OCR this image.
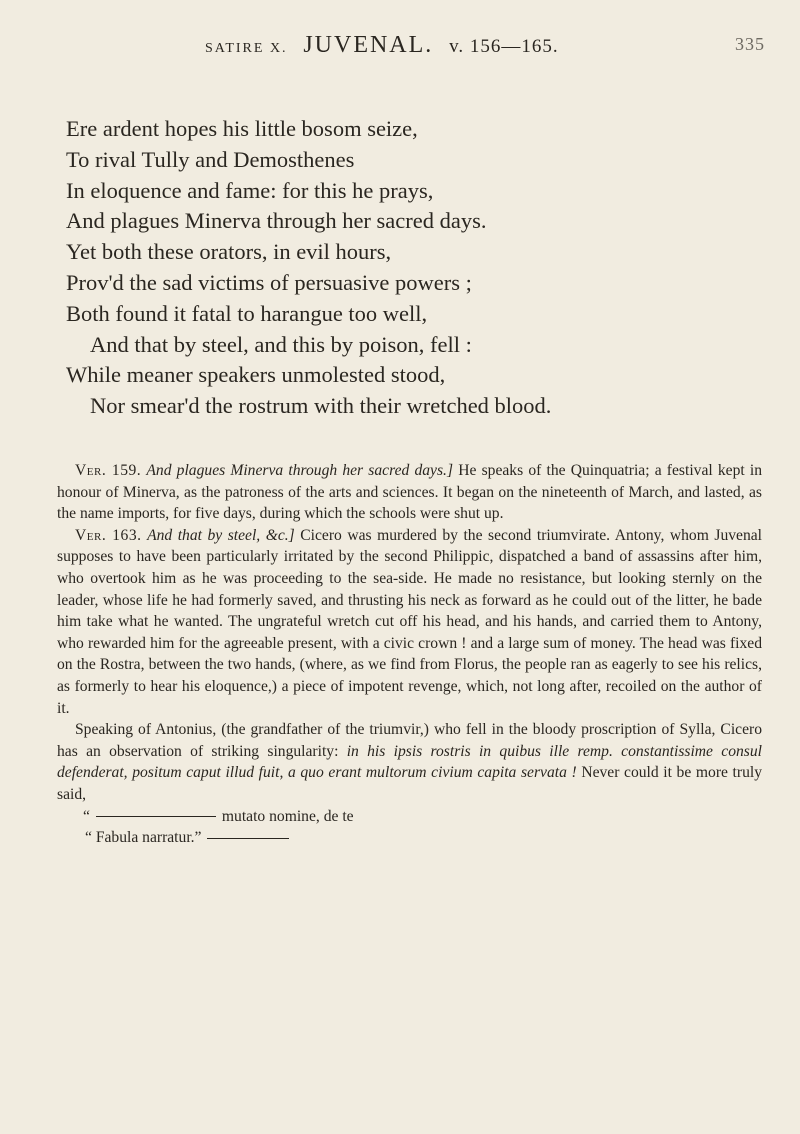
SATIRE X. JUVENAL. v. 156—165.	335
Ere ardent hopes his little bosom seize,
To rival Tully and Demosthenes
In eloquence and fame: for this he prays,
And plagues Minerva through her sacred days.
Yet both these orators, in evil hours,
Prov'd the sad victims of persuasive powers ;
Both found it fatal to harangue too well,
And that by steel, and this by poison, fell :
While meaner speakers unmolested stood,
Nor smear'd the rostrum with their wretched blood.

Ver. 159. And plagues Minerva through her sacred days.] He speaks of the Quinquatria; a festival kept in honour of Minerva, as the patroness of the arts and sciences. It began on the nineteenth of March, and lasted, as the name imports, for five days, during which the schools were shut up.

Ver. 163. And that by steel, &c.] Cicero was murdered by the second triumvirate. Antony, whom Juvenal supposes to have been particularly irritated by the second Philippic, dispatched a band of assassins after him, who overtook him as he was proceeding to the sea-side. He made no resistance, but looking sternly on the leader, whose life he had formerly saved, and thrusting his neck as forward as he could out of the litter, he bade him take what he wanted. The ungrateful wretch cut off his head, and his hands, and carried them to Antony, who rewarded him for the agreeable present, with a civic crown ! and a large sum of money. The head was fixed on the Rostra, between the two hands, (where, as we find from Florus, the people ran as eagerly to see his relics, as formerly to hear his eloquence,) a piece of impotent revenge, which, not long after, recoiled on the author of it.

Speaking of Antonius, (the grandfather of the triumvir,) who fell in the bloody proscription of Sylla, Cicero has an observation of striking singularity: in his ipsis rostris in quibus ille remp. constantissime consul defenderat, positum caput illud fuit, a quo erant multorum civium capita servata ! Never could it be more truly said,

“	mutato nomine, de te
“ Fabula narratur.”
